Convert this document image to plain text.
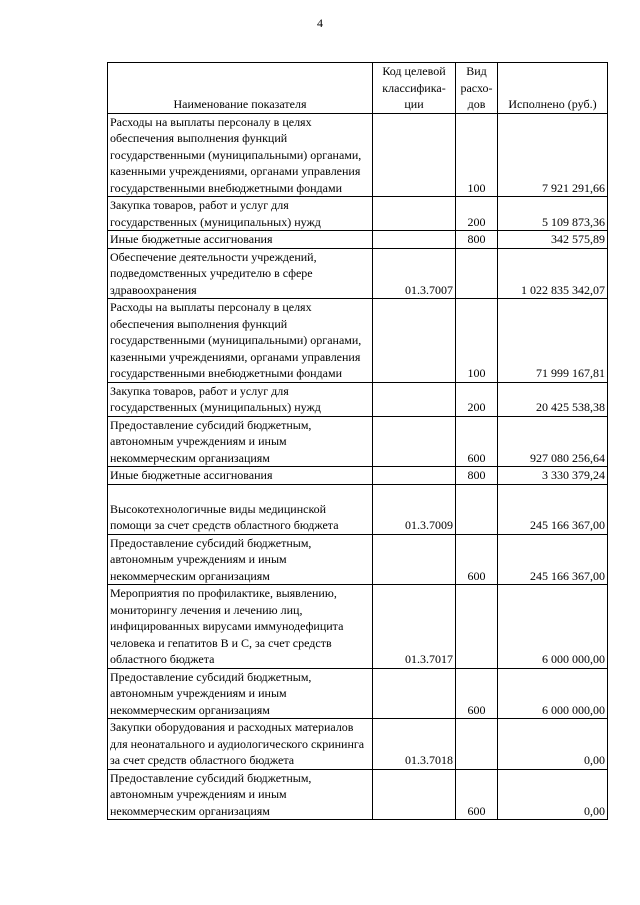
4
Наименование показателя	Код целевой классифика-ции	Вид расхо-дов	Исполнено (руб.)
Расходы на выплаты персоналу в целях обеспечения выполнения функций государственными (муниципальными) органами, казенными учреждениями, органами управления государственными внебюджетными фондами		100	7 921 291,66
Закупка товаров, работ и услуг для государственных (муниципальных) нужд		200	5 109 873,36
Иные бюджетные ассигнования		800	342 575,89
Обеспечение деятельности учреждений, подведомственных учредителю в сфере здравоохранения	01.3.7007		1 022 835 342,07
Расходы на выплаты персоналу в целях обеспечения выполнения функций государственными (муниципальными) органами, казенными учреждениями, органами управления государственными внебюджетными фондами		100	71 999 167,81
Закупка товаров, работ и услуг для государственных (муниципальных) нужд		200	20 425 538,38
Предоставление субсидий бюджетным, автономным учреждениям и иным некоммерческим организациям		600	927 080 256,64
Иные бюджетные ассигнования		800	3 330 379,24
Высокотехнологичные виды медицинской помощи за счет средств областного бюджета	01.3.7009		245 166 367,00
Предоставление субсидий бюджетным, автономным учреждениям и иным некоммерческим организациям		600	245 166 367,00
Мероприятия по профилактике, выявлению, мониторингу лечения и лечению лиц, инфицированных вирусами иммунодефицита человека и гепатитов В и С, за счет средств областного бюджета	01.3.7017		6 000 000,00
Предоставление субсидий бюджетным, автономным учреждениям и иным некоммерческим организациям		600	6 000 000,00
Закупки оборудования и расходных материалов для неонатального и аудиологического скрининга за счет средств областного бюджета	01.3.7018		0,00
Предоставление субсидий бюджетным, автономным учреждениям и иным некоммерческим организациям		600	0,00
